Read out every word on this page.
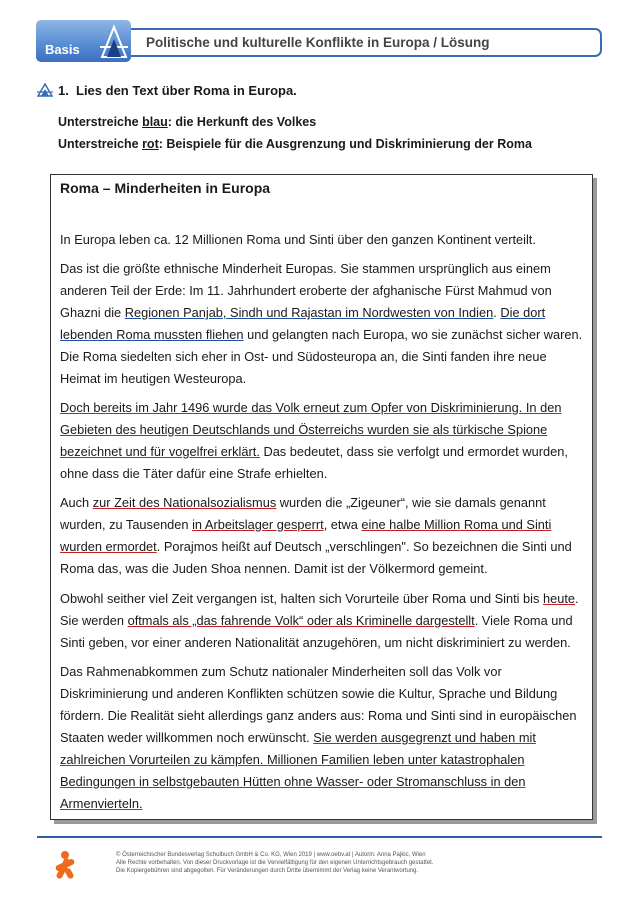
Basis	Politische und kulturelle Konflikte in Europa / Lösung
1. Lies den Text über Roma in Europa.
Unterstreiche blau: die Herkunft des Volkes
Unterstreiche rot: Beispiele für die Ausgrenzung und Diskriminierung der Roma
Roma – Minderheiten in Europa
In Europa leben ca. 12 Millionen Roma und Sinti über den ganzen Kontinent verteilt.
Das ist die größte ethnische Minderheit Europas. Sie stammen ursprünglich aus einem anderen Teil der Erde: Im 11. Jahrhundert eroberte der afghanische Fürst Mahmud von Ghazni die Regionen Panjab, Sindh und Rajastan im Nordwesten von Indien. Die dort lebenden Roma mussten fliehen und gelangten nach Europa, wo sie zunächst sicher waren. Die Roma siedelten sich eher in Ost- und Südosteuropa an, die Sinti fanden ihre neue Heimat im heutigen Westeuropa.
Doch bereits im Jahr 1496 wurde das Volk erneut zum Opfer von Diskriminierung. In den Gebieten des heutigen Deutschlands und Österreichs wurden sie als türkische Spione bezeichnet und für vogelfrei erklärt. Das bedeutet, dass sie verfolgt und ermordet wurden, ohne dass die Täter dafür eine Strafe erhielten.
Auch zur Zeit des Nationalsozialismus wurden die „Zigeuner“, wie sie damals genannt wurden, zu Tausenden in Arbeitslager gesperrt, etwa eine halbe Million Roma und Sinti wurden ermordet. Porajmos heißt auf Deutsch „verschlingen". So bezeichnen die Sinti und Roma das, was die Juden Shoa nennen. Damit ist der Völkermord gemeint.
Obwohl seither viel Zeit vergangen ist, halten sich Vorurteile über Roma und Sinti bis heute. Sie werden oftmals als „das fahrende Volk“ oder als Kriminelle dargestellt. Viele Roma und Sinti geben, vor einer anderen Nationalität anzugehören, um nicht diskriminiert zu werden.
Das Rahmenabkommen zum Schutz nationaler Minderheiten soll das Volk vor Diskriminierung und anderen Konflikten schützen sowie die Kultur, Sprache und Bildung fördern. Die Realität sieht allerdings ganz anders aus: Roma und Sinti sind in europäischen Staaten weder willkommen noch erwünscht. Sie werden ausgegrenzt und haben mit zahlreichen Vorurteilen zu kämpfen. Millionen Familien leben unter katastrophalen Bedingungen in selbstgebauten Hütten ohne Wasser- oder Stromanschluss in den Armenvierteln.
© Österreichischer Bundesverlag Schulbuch GmbH & Co. KG, Wien 2019 | www.oebv.at | Autorin: Anna Pajkic, Wien
Alle Rechte vorbehalten. Von dieser Druckvorlage ist die Vervielfältigung für den eigenen Unterrichtsgebrauch gestattet.
Die Kopiergebühren sind abgegolten. Für Veränderungen durch Dritte übernimmt der Verlag keine Verantwortung.
